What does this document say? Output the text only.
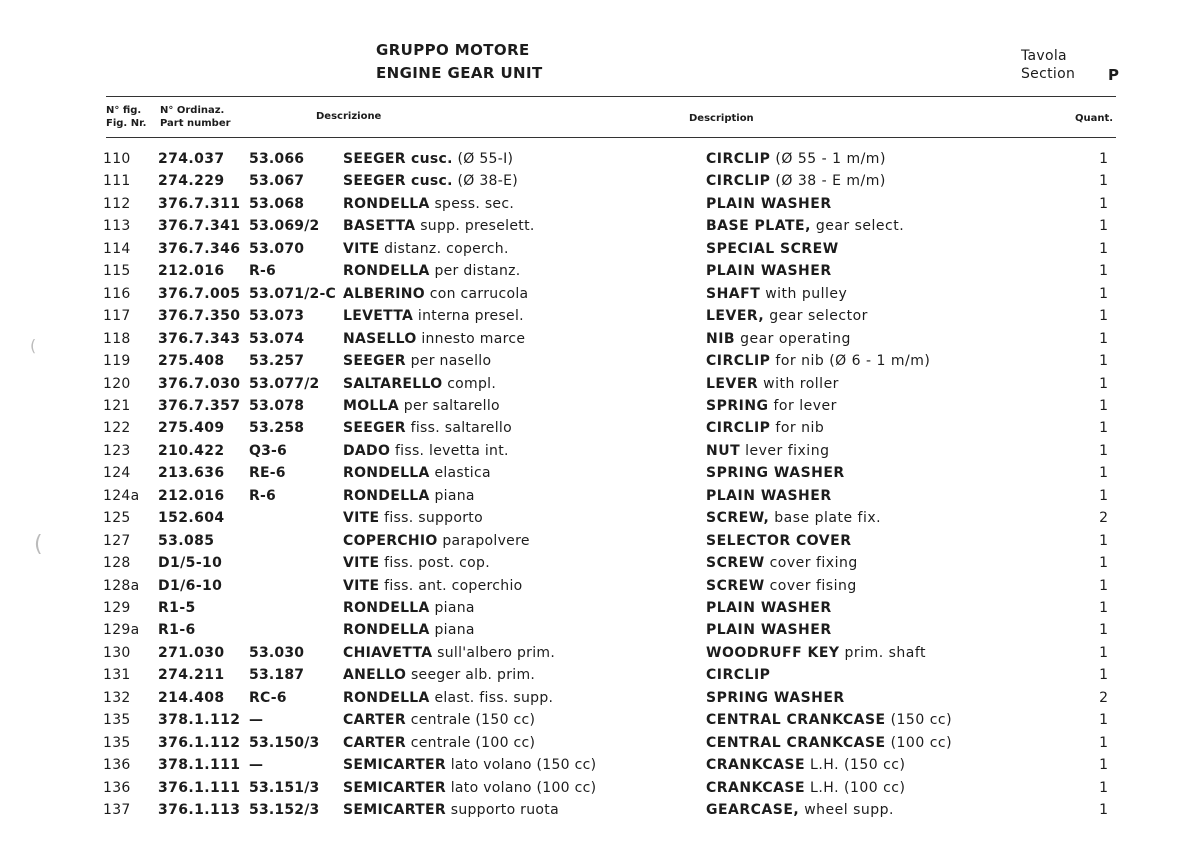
GRUPPO MOTORE
ENGINE GEAR UNIT
Tavola
Section P
N° fig.
Fig. Nr.
N° Ordinaz.
Part number
Descrizione	Description	Quant.
(
(
110 274.037 53.066	SEEGER cusc. (Ø 55-I)	CIRCLIP (Ø 55 - 1 m/m)	1
111 274.229 53.067	SEEGER cusc. (Ø 38-E)	CIRCLIP (Ø 38 - E m/m)	1
112 376.7.311 53.068	RONDELLA spess. sec.	PLAIN WASHER	1
113 376.7.341 53.069/2 BASETTA supp. preselett.	BASE PLATE, gear select.	1
114 376.7.346 53.070	VITE distanz. coperch.	SPECIAL SCREW	1
115 212.016 R-6	RONDELLA per distanz.	PLAIN WASHER	1
116 376.7.005 53.071/2-C ALBERINO con carrucola	SHAFT with pulley	1
117 376.7.350 53.073	LEVETTA interna presel.	LEVER, gear selector	1
118 376.7.343 53.074	NASELLO innesto marce	NIB gear operating	1
119 275.408 53.257	SEEGER per nasello	CIRCLIP for nib (Ø 6 - 1 m/m)	1
120 376.7.030 53.077/2 SALTARELLO compl.	LEVER with roller	1
121 376.7.357 53.078	MOLLA per saltarello	SPRING for lever	1
122 275.409 53.258	SEEGER fiss. saltarello	CIRCLIP for nib	1
123 210.422 Q3-6	DADO fiss. levetta int.	NUT lever fixing	1
124 213.636 RE-6	RONDELLA elastica	SPRING WASHER	1
124a 212.016 R-6	RONDELLA piana	PLAIN WASHER	1
125 152.604	VITE fiss. supporto	SCREW, base plate fix.	2
127 53.085	COPERCHIO parapolvere	SELECTOR COVER	1
128 D1/5-10	VITE fiss. post. cop.	SCREW cover fixing	1
128a D1/6-10	VITE fiss. ant. coperchio	SCREW cover fising	1
129 R1-5	RONDELLA piana	PLAIN WASHER	1
129a R1-6	RONDELLA piana	PLAIN WASHER	1
130 271.030 53.030	CHIAVETTA sull'albero prim.	WOODRUFF KEY prim. shaft	1
131 274.211 53.187	ANELLO seeger alb. prim.	CIRCLIP	1
132 214.408 RC-6	RONDELLA elast. fiss. supp.	SPRING WASHER	2
135 378.1.112 —	CARTER centrale (150 cc)	CENTRAL CRANKCASE (150 cc)	1
135 376.1.112 53.150/3 CARTER centrale (100 cc)	CENTRAL CRANKCASE (100 cc)	1
136 378.1.111 —	SEMICARTER lato volano (150 cc)	CRANKCASE L.H. (150 cc)	1
136 376.1.111 53.151/3 SEMICARTER lato volano (100 cc)	CRANKCASE L.H. (100 cc)	1
137 376.1.113 53.152/3 SEMICARTER supporto ruota	GEARCASE, wheel supp.	1
